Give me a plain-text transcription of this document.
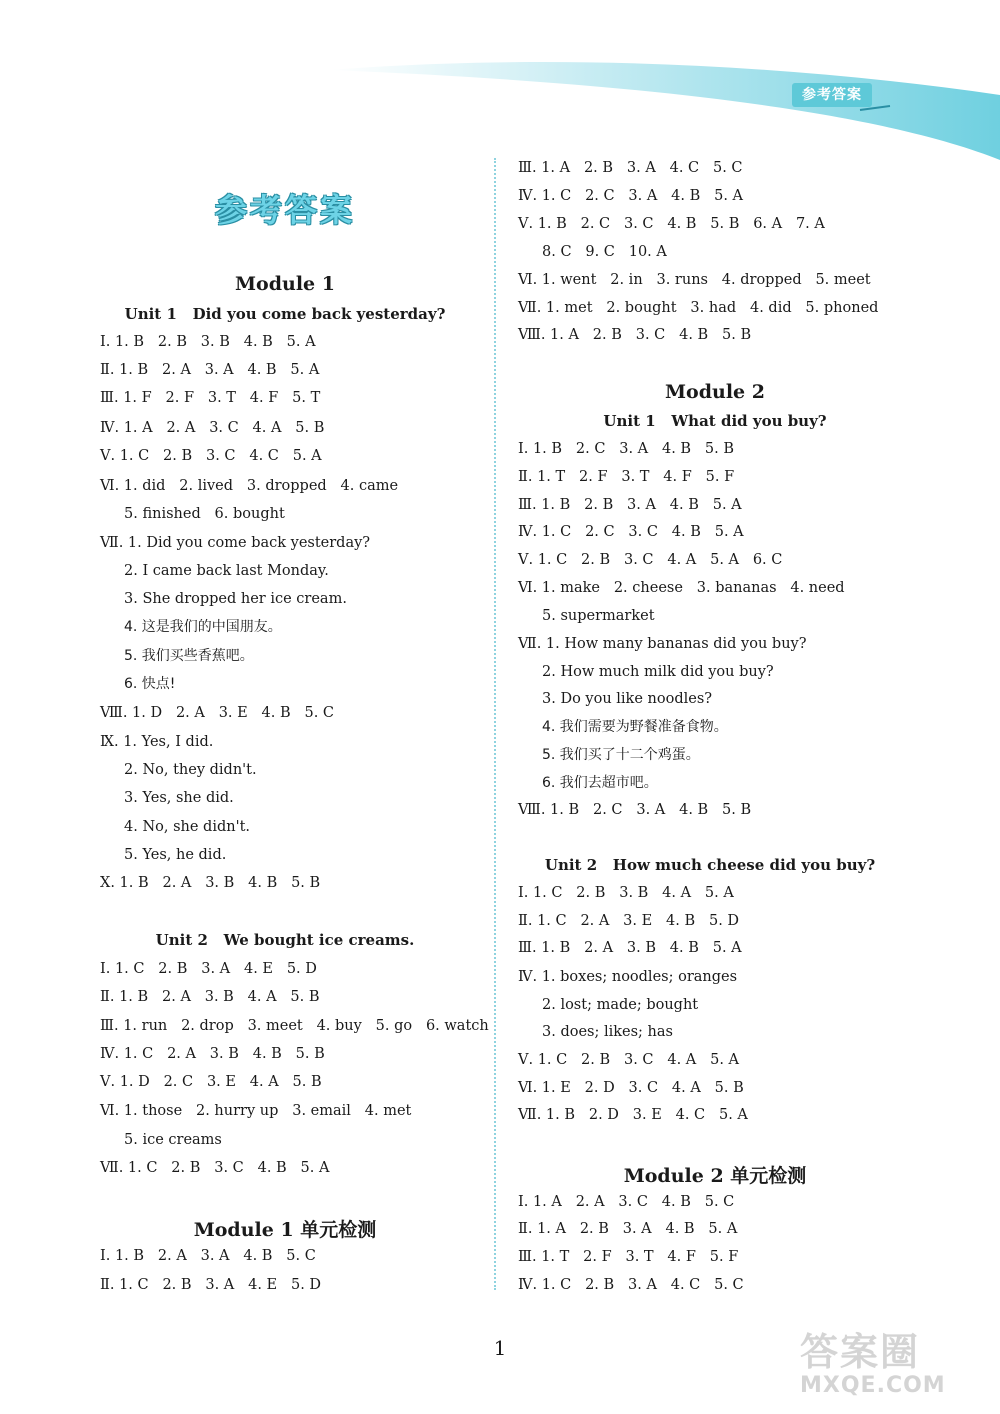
参考答案
参考答案
Module 1
Unit 1   Did you come back yesterday?
Ⅰ. 1. B   2. B   3. B   4. B   5. A
Ⅱ. 1. B   2. A   3. A   4. B   5. A
Ⅲ. 1. F   2. F   3. T   4. F   5. T
Ⅳ. 1. A   2. A   3. C   4. A   5. B
Ⅴ. 1. C   2. B   3. C   4. C   5. A
Ⅵ. 1. did   2. lived   3. dropped   4. came
5. finished   6. bought
Ⅶ. 1. Did you come back yesterday?
2. I came back last Monday.
3. She dropped her ice cream.
4. 这是我们的中国朋友。
5. 我们买些香蕉吧。
6. 快点!
Ⅷ. 1. D   2. A   3. E   4. B   5. C
Ⅸ. 1. Yes, I did.
2. No, they didn't.
3. Yes, she did.
4. No, she didn't.
5. Yes, he did.
Ⅹ. 1. B   2. A   3. B   4. B   5. B
Unit 2   We bought ice creams.
Ⅰ. 1. C   2. B   3. A   4. E   5. D
Ⅱ. 1. B   2. A   3. B   4. A   5. B
Ⅲ. 1. run   2. drop   3. meet   4. buy   5. go   6. watch
Ⅳ. 1. C   2. A   3. B   4. B   5. B
Ⅴ. 1. D   2. C   3. E   4. A   5. B
Ⅵ. 1. those   2. hurry up   3. email   4. met
5. ice creams
Ⅶ. 1. C   2. B   3. C   4. B   5. A
Module 1 单元检测
Ⅰ. 1. B   2. A   3. A   4. B   5. C
Ⅱ. 1. C   2. B   3. A   4. E   5. D
Ⅲ. 1. A   2. B   3. A   4. C   5. C
Ⅳ. 1. C   2. C   3. A   4. B   5. A
Ⅴ. 1. B   2. C   3. C   4. B   5. B   6. A   7. A
8. C   9. C   10. A
Ⅵ. 1. went   2. in   3. runs   4. dropped   5. meet
Ⅶ. 1. met   2. bought   3. had   4. did   5. phoned
Ⅷ. 1. A   2. B   3. C   4. B   5. B
Module 2
Unit 1   What did you buy?
Ⅰ. 1. B   2. C   3. A   4. B   5. B
Ⅱ. 1. T   2. F   3. T   4. F   5. F
Ⅲ. 1. B   2. B   3. A   4. B   5. A
Ⅳ. 1. C   2. C   3. C   4. B   5. A
Ⅴ. 1. C   2. B   3. C   4. A   5. A   6. C
Ⅵ. 1. make   2. cheese   3. bananas   4. need
5. supermarket
Ⅶ. 1. How many bananas did you buy?
2. How much milk did you buy?
3. Do you like noodles?
4. 我们需要为野餐准备食物。
5. 我们买了十二个鸡蛋。
6. 我们去超市吧。
Ⅷ. 1. B   2. C   3. A   4. B   5. B
Unit 2   How much cheese did you buy?
Ⅰ. 1. C   2. B   3. B   4. A   5. A
Ⅱ. 1. C   2. A   3. E   4. B   5. D
Ⅲ. 1. B   2. A   3. B   4. B   5. A
Ⅳ. 1. boxes; noodles; oranges
2. lost; made; bought
3. does; likes; has
Ⅴ. 1. C   2. B   3. C   4. A   5. A
Ⅵ. 1. E   2. D   3. C   4. A   5. B
Ⅶ. 1. B   2. D   3. E   4. C   5. A
Module 2 单元检测
Ⅰ. 1. A   2. A   3. C   4. B   5. C
Ⅱ. 1. A   2. B   3. A   4. B   5. A
Ⅲ. 1. T   2. F   3. T   4. F   5. F
Ⅳ. 1. C   2. B   3. A   4. C   5. C
1	答案圈
MXQE.COM
